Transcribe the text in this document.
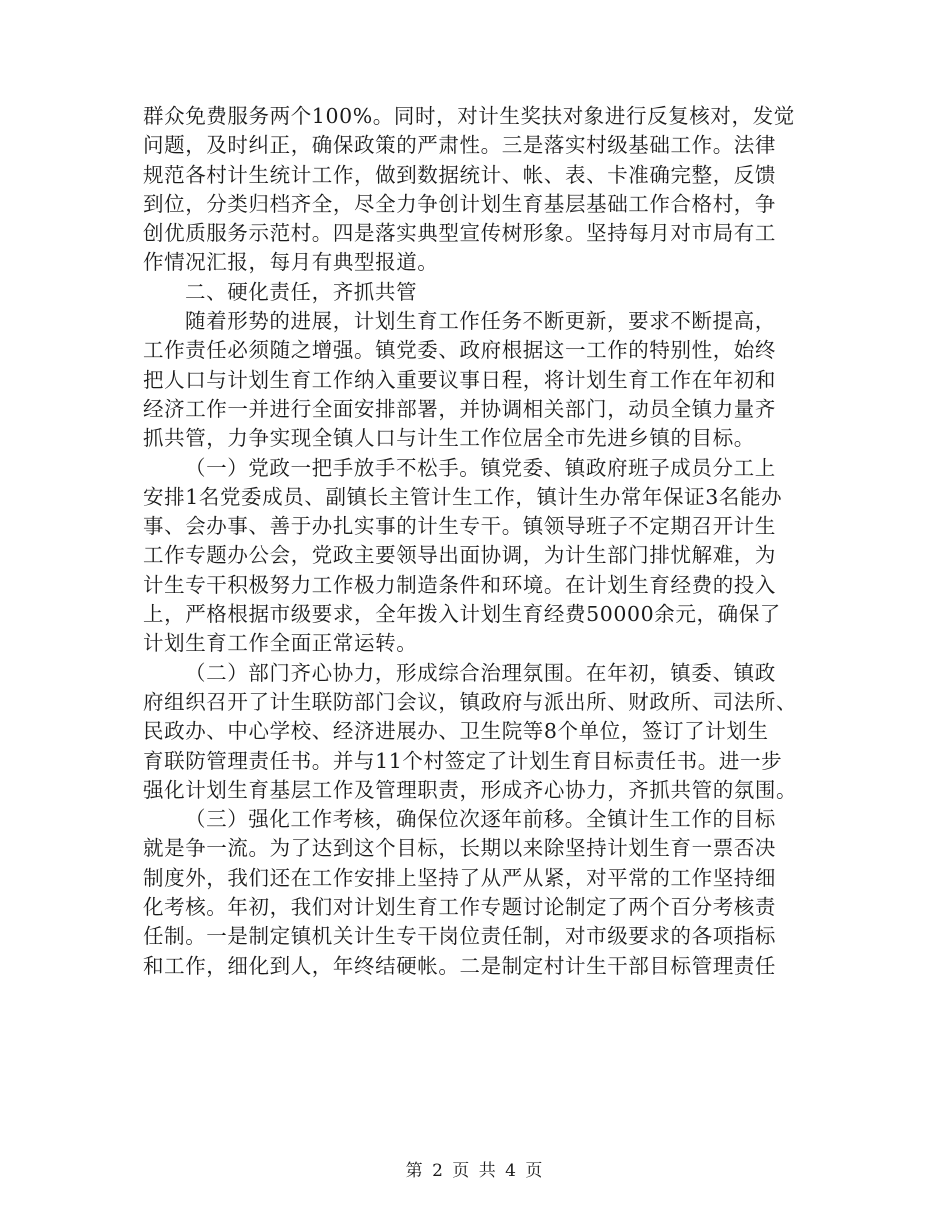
群众免费服务两个100%。同时，对计生奖扶对象进行反复核对，发觉
问题，及时纠正，确保政策的严肃性。三是落实村级基础工作。法律
规范各村计生统计工作，做到数据统计、帐、表、卡准确完整，反馈
到位，分类归档齐全，尽全力争创计划生育基层基础工作合格村，争
创优质服务示范村。四是落实典型宣传树形象。坚持每月对市局有工
作情况汇报，每月有典型报道。
二、硬化责任，齐抓共管
随着形势的进展，计划生育工作任务不断更新，要求不断提高，
工作责任必须随之增强。镇党委、政府根据这一工作的特别性，始终
把人口与计划生育工作纳入重要议事日程，将计划生育工作在年初和
经济工作一并进行全面安排部署，并协调相关部门，动员全镇力量齐
抓共管，力争实现全镇人口与计生工作位居全市先进乡镇的目标。
（一）党政一把手放手不松手。镇党委、镇政府班子成员分工上
安排1名党委成员、副镇长主管计生工作，镇计生办常年保证3名能办
事、会办事、善于办扎实事的计生专干。镇领导班子不定期召开计生
工作专题办公会，党政主要领导出面协调，为计生部门排忧解难，为
计生专干积极努力工作极力制造条件和环境。在计划生育经费的投入
上，严格根据市级要求，全年拨入计划生育经费50000余元，确保了
计划生育工作全面正常运转。
（二）部门齐心协力，形成综合治理氛围。在年初，镇委、镇政
府组织召开了计生联防部门会议，镇政府与派出所、财政所、司法所、
民政办、中心学校、经济进展办、卫生院等8个单位，签订了计划生
育联防管理责任书。并与11个村签定了计划生育目标责任书。进一步
强化计划生育基层工作及管理职责，形成齐心协力，齐抓共管的氛围。
（三）强化工作考核，确保位次逐年前移。全镇计生工作的目标
就是争一流。为了达到这个目标，长期以来除坚持计划生育一票否决
制度外，我们还在工作安排上坚持了从严从紧，对平常的工作坚持细
化考核。年初，我们对计划生育工作专题讨论制定了两个百分考核责
任制。一是制定镇机关计生专干岗位责任制，对市级要求的各项指标
和工作，细化到人，年终结硬帐。二是制定村计生干部目标管理责任
第 2 页 共 4 页
